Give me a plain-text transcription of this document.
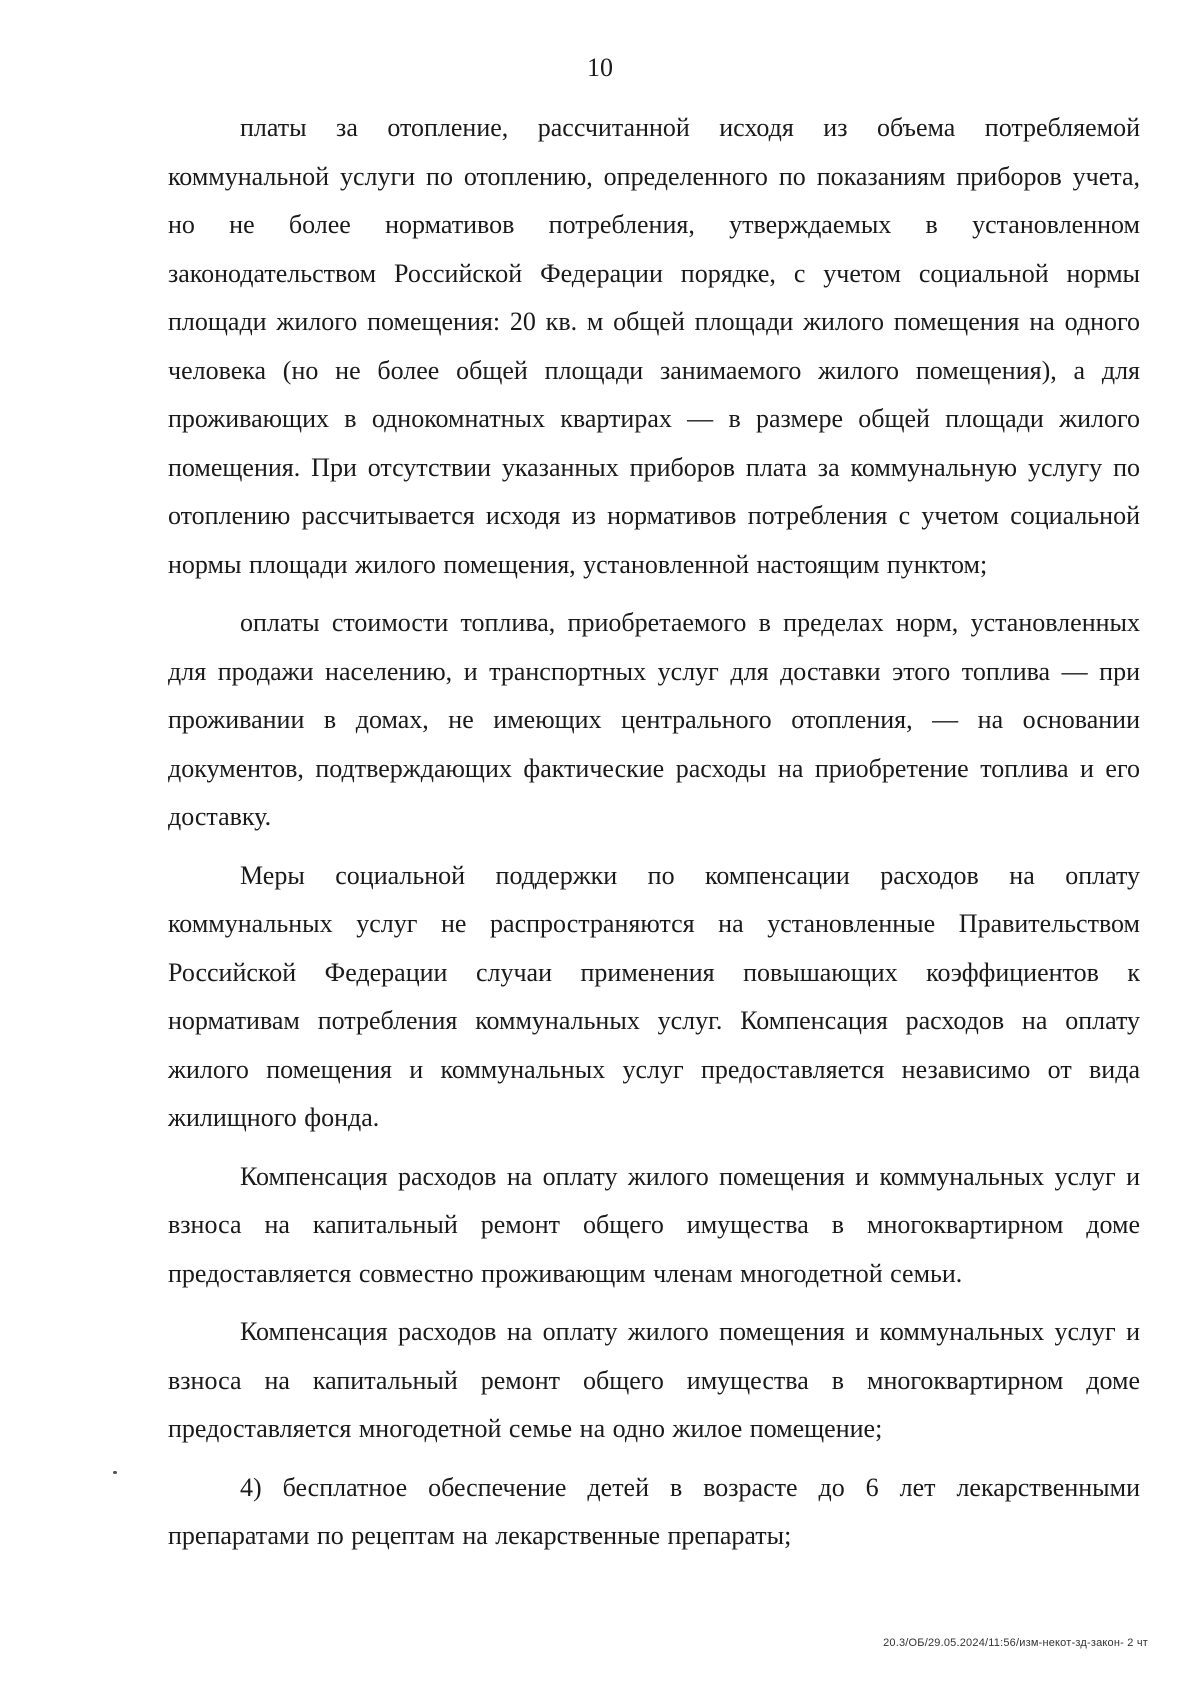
10

платы за отопление, рассчитанной исходя из объема потребляемой коммунальной услуги по отоплению, определенного по показаниям приборов учета, но не более нормативов потребления, утверждаемых в установленном законодательством Российской Федерации порядке, с учетом социальной нормы площади жилого помещения: 20 кв. м общей площади жилого помещения на одного человека (но не более общей площади занимаемого жилого помещения), а для проживающих в однокомнатных квартирах — в размере общей площади жилого помещения. При отсутствии указанных приборов плата за коммунальную услугу по отоплению рассчитывается исходя из нормативов потребления с учетом социальной нормы площади жилого помещения, установленной настоящим пунктом;

оплаты стоимости топлива, приобретаемого в пределах норм, установленных для продажи населению, и транспортных услуг для доставки этого топлива — при проживании в домах, не имеющих центрального отопления, — на основании документов, подтверждающих фактические расходы на приобретение топлива и его доставку.

Меры социальной поддержки по компенсации расходов на оплату коммунальных услуг не распространяются на установленные Правительством Российской Федерации случаи применения повышающих коэффициентов к нормативам потребления коммунальных услуг. Компенсация расходов на оплату жилого помещения и коммунальных услуг предоставляется независимо от вида жилищного фонда.

Компенсация расходов на оплату жилого помещения и коммунальных услуг и взноса на капитальный ремонт общего имущества в многоквартирном доме предоставляется совместно проживающим членам многодетной семьи.

Компенсация расходов на оплату жилого помещения и коммунальных услуг и взноса на капитальный ремонт общего имущества в многоквартирном доме предоставляется многодетной семье на одно жилое помещение;

4) бесплатное обеспечение детей в возрасте до 6 лет лекарственными препаратами по рецептам на лекарственные препараты;

20.3/ОБ/29.05.2024/11:56/изм-некот-зд-закон- 2 чт
